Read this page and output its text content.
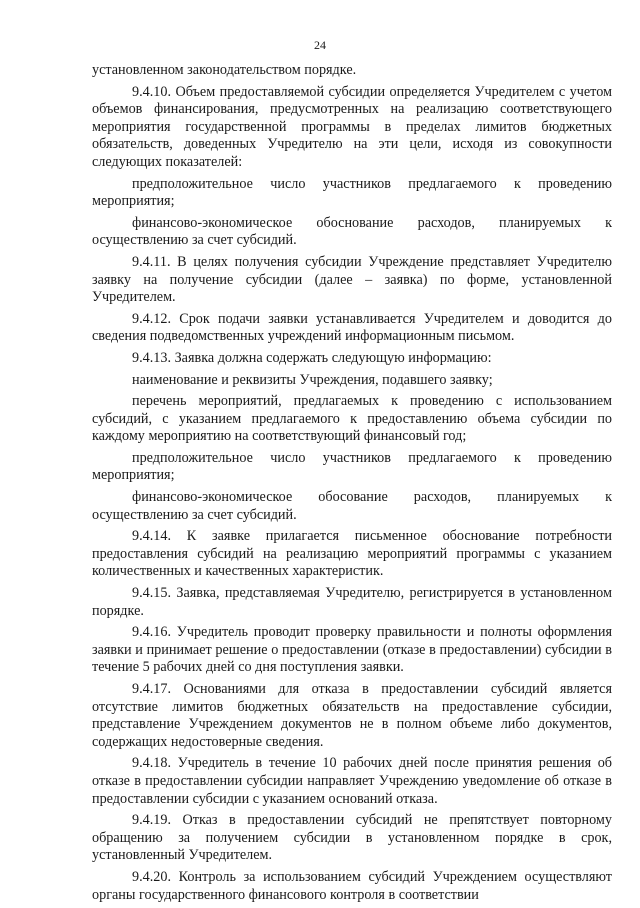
24

установленном законодательством порядке.

9.4.10. Объем предоставляемой субсидии определяется Учредителем с учетом объемов финансирования, предусмотренных на реализацию соответствующего мероприятия государственной программы в пределах лимитов бюджетных обязательств, доведенных Учредителю на эти цели, исходя из совокупности следующих показателей:

предположительное число участников предлагаемого к проведению мероприятия;

финансово-экономическое обоснование расходов, планируемых к осуществлению за счет субсидий.

9.4.11. В целях получения субсидии Учреждение представляет Учредителю заявку на получение субсидии (далее – заявка) по форме, установленной Учредителем.

9.4.12. Срок подачи заявки устанавливается Учредителем и доводится до сведения подведомственных учреждений информационным письмом.

9.4.13. Заявка должна содержать следующую информацию:

наименование и реквизиты Учреждения, подавшего заявку;

перечень мероприятий, предлагаемых к проведению с использованием субсидий, с указанием предлагаемого к предоставлению объема субсидии по каждому мероприятию на соответствующий финансовый год;

предположительное число участников предлагаемого к проведению мероприятия;

финансово-экономическое обосование расходов, планируемых к осуществлению за счет субсидий.

9.4.14. К заявке прилагается письменное обоснование потребности предоставления субсидий на реализацию мероприятий программы с указанием количественных и качественных характеристик.

9.4.15. Заявка, представляемая Учредителю, регистрируется в установленном порядке.

9.4.16. Учредитель проводит проверку правильности и полноты оформления заявки и принимает решение о предоставлении (отказе в предоставлении) субсидии в течение 5 рабочих дней со дня поступления заявки.

9.4.17. Основаниями для отказа в предоставлении субсидий является отсутствие лимитов бюджетных обязательств на предоставление субсидии, представление Учреждением документов не в полном объеме либо документов, содержащих недостоверные сведения.

9.4.18. Учредитель в течение 10 рабочих дней после принятия решения об отказе в предоставлении субсидии направляет Учреждению уведомление об отказе в предоставлении субсидии с указанием оснований отказа.

9.4.19. Отказ в предоставлении субсидий не препятствует повторному обращению за получением субсидии в установленном порядке в срок, установленный Учредителем.

9.4.20. Контроль за использованием субсидий Учреждением осуществляют органы государственного финансового контроля в соответствии
